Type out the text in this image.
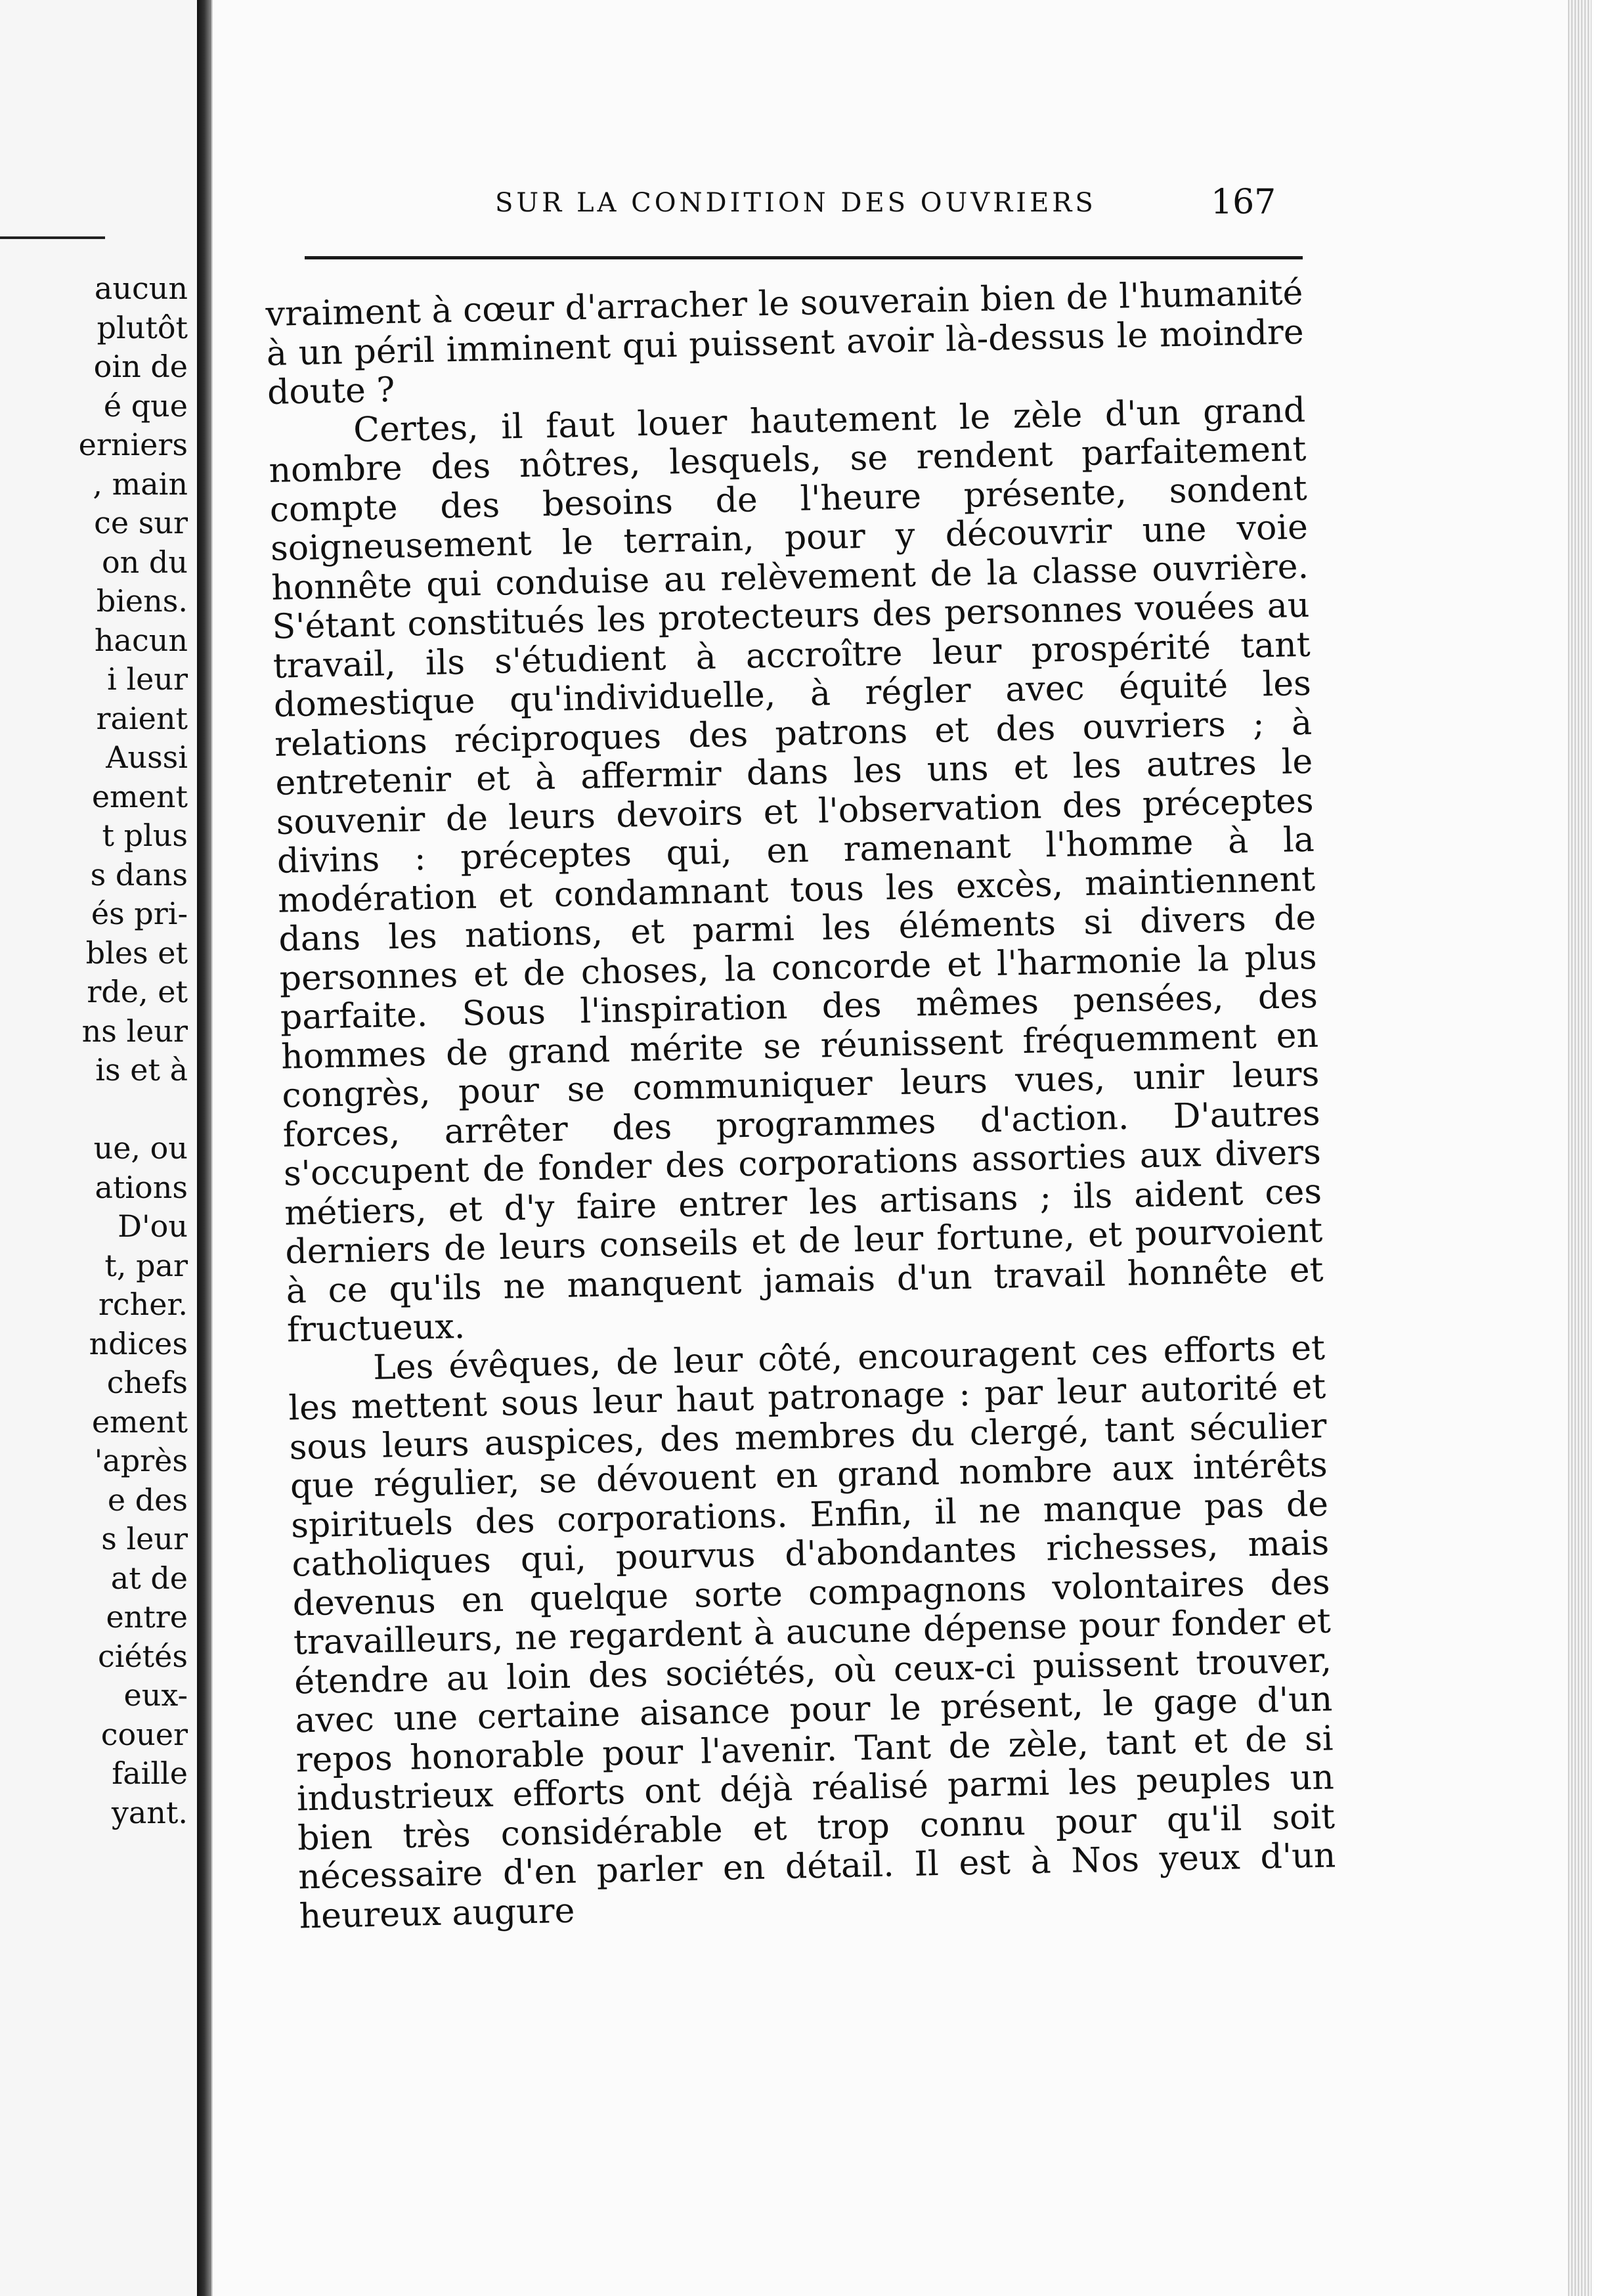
aucun
plutôt
oin de
é que
erniers
, main
ce sur
on du
biens.
hacun
i leur
raient
Aussi
ement
t plus
s dans
és pri-
bles et
rde, et
ns leur
is et à

ue, ou
ations
D'ou
t, par
rcher.
ndices
chefs
ement
'après
e des
s leur
at de
entre
ciétés
eux-
couer
faille
yant.
SUR LA CONDITION DES OUVRIERS	167

vraiment à cœur d'arracher le souverain bien de l'humanité à un péril imminent qui puissent avoir là-dessus le moindre doute ?

Certes, il faut louer hautement le zèle d'un grand nombre des nôtres, lesquels, se rendent parfaitement compte des besoins de l'heure présente, sondent soigneusement le terrain, pour y découvrir une voie honnête qui conduise au relèvement de la classe ouvrière. S'étant constitués les protecteurs des personnes vouées au travail, ils s'étudient à accroître leur prospérité tant domestique qu'individuelle, à régler avec équité les relations réciproques des patrons et des ouvriers ; à entretenir et à affermir dans les uns et les autres le souvenir de leurs devoirs et l'observation des préceptes divins : préceptes qui, en ramenant l'homme à la modération et condamnant tous les excès, maintiennent dans les nations, et parmi les éléments si divers de personnes et de choses, la concorde et l'harmonie la plus parfaite. Sous l'inspiration des mêmes pensées, des hommes de grand mérite se réunissent fréquemment en congrès, pour se communiquer leurs vues, unir leurs forces, arrêter des programmes d'action. D'autres s'occupent de fonder des corporations assorties aux divers métiers, et d'y faire entrer les artisans ; ils aident ces derniers de leurs conseils et de leur fortune, et pourvoient à ce qu'ils ne manquent jamais d'un travail honnête et fructueux.

Les évêques, de leur côté, encouragent ces efforts et les mettent sous leur haut patronage : par leur autorité et sous leurs auspices, des membres du clergé, tant séculier que régulier, se dévouent en grand nombre aux intérêts spirituels des corporations. Enfin, il ne manque pas de catholiques qui, pourvus d'abondantes richesses, mais devenus en quelque sorte compagnons volontaires des travailleurs, ne regardent à aucune dépense pour fonder et étendre au loin des sociétés, où ceux-ci puissent trouver, avec une certaine aisance pour le présent, le gage d'un repos honorable pour l'avenir. Tant de zèle, tant et de si industrieux efforts ont déjà réalisé parmi les peuples un bien très considérable et trop connu pour qu'il soit nécessaire d'en parler en détail. Il est à Nos yeux d'un heureux augure
